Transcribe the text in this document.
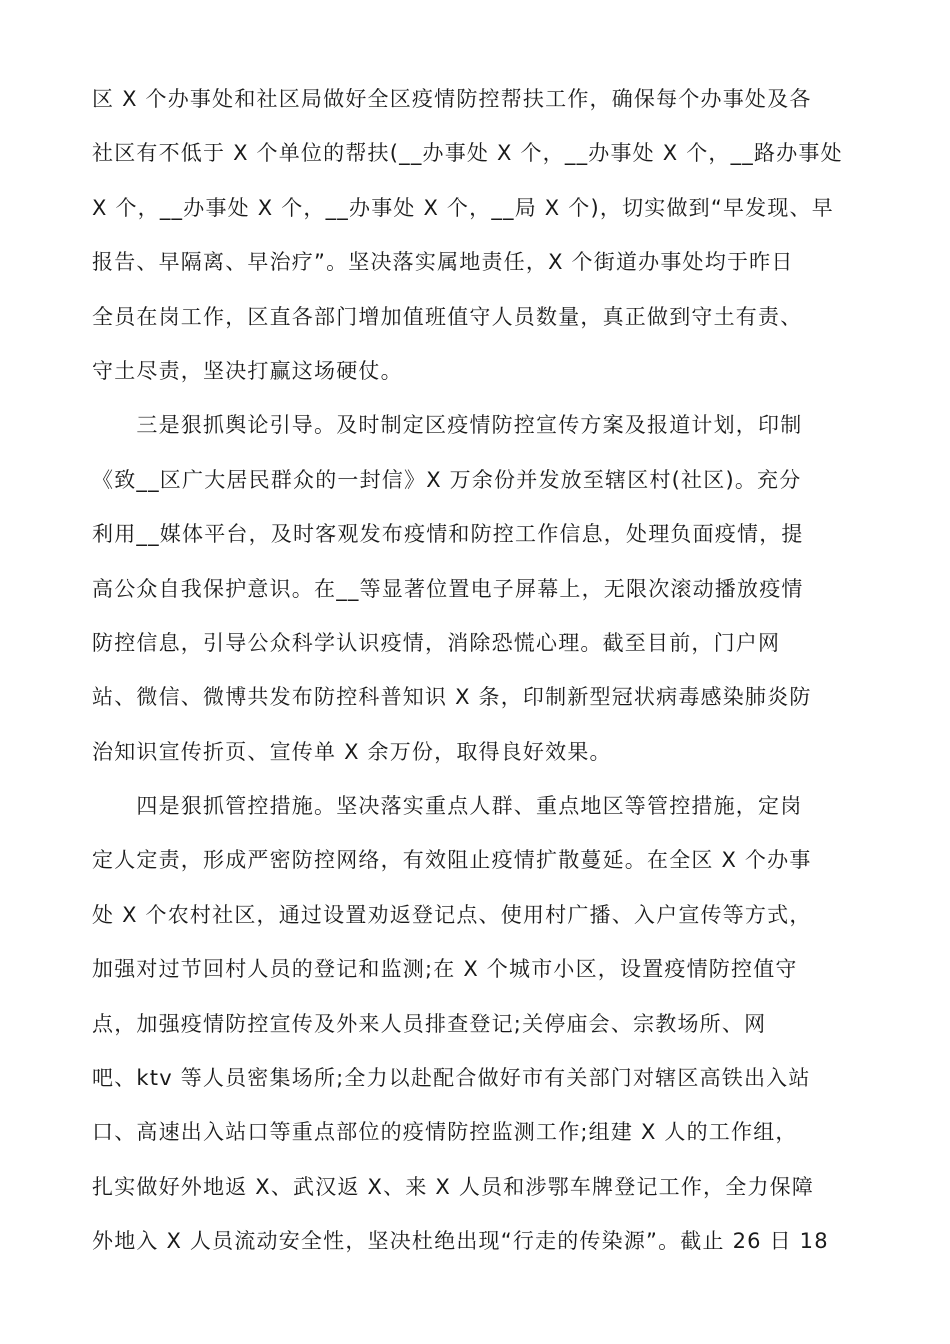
区 X 个办事处和社区局做好全区疫情防控帮扶工作，确保每个办事处及各
社区有不低于 X 个单位的帮扶(__办事处 X 个，__办事处 X 个，__路办事处
X 个，__办事处 X 个，__办事处 X 个，__局 X 个)，切实做到“早发现、早
报告、早隔离、早治疗”。坚决落实属地责任，X 个街道办事处均于昨日
全员在岗工作，区直各部门增加值班值守人员数量，真正做到守土有责、
守土尽责，坚决打赢这场硬仗。
　　三是狠抓舆论引导。及时制定区疫情防控宣传方案及报道计划，印制
《致__区广大居民群众的一封信》X 万余份并发放至辖区村(社区)。充分
利用__媒体平台，及时客观发布疫情和防控工作信息，处理负面疫情，提
高公众自我保护意识。在__等显著位置电子屏幕上，无限次滚动播放疫情
防控信息，引导公众科学认识疫情，消除恐慌心理。截至目前，门户网
站、微信、微博共发布防控科普知识 X 条，印制新型冠状病毒感染肺炎防
治知识宣传折页、宣传单 X 余万份，取得良好效果。
　　四是狠抓管控措施。坚决落实重点人群、重点地区等管控措施，定岗
定人定责，形成严密防控网络，有效阻止疫情扩散蔓延。在全区 X 个办事
处 X 个农村社区，通过设置劝返登记点、使用村广播、入户宣传等方式，
加强对过节回村人员的登记和监测;在 X 个城市小区，设置疫情防控值守
点，加强疫情防控宣传及外来人员排查登记;关停庙会、宗教场所、网
吧、ktv 等人员密集场所;全力以赴配合做好市有关部门对辖区高铁出入站
口、高速出入站口等重点部位的疫情防控监测工作;组建 X 人的工作组，
扎实做好外地返 X、武汉返 X、来 X 人员和涉鄂车牌登记工作，全力保障
外地入 X 人员流动安全性，坚决杜绝出现“行走的传染源”。截止 26 日 18
